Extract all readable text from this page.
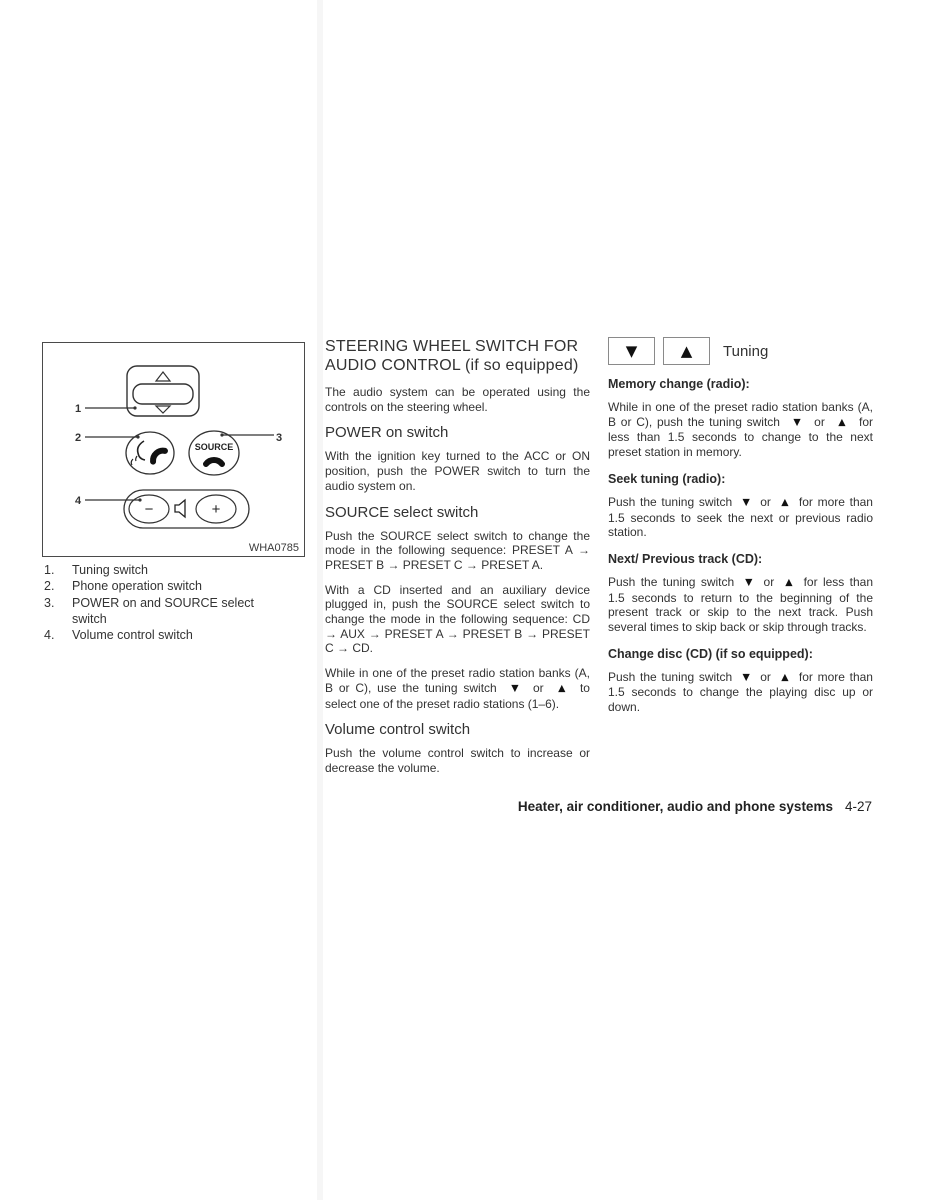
1
2	3
SOURCE
4	−	+
WHA0785
1.	Tuning switch
2.	Phone operation switch
3.	POWER on and SOURCE select switch
4.	Volume control switch
STEERING WHEEL SWITCH FOR AUDIO CONTROL (if so equipped)

The audio system can be operated using the controls on the steering wheel.

POWER on switch

With the ignition key turned to the ACC or ON position, push the POWER switch to turn the audio system on.

SOURCE select switch

Push the SOURCE select switch to change the mode in the following sequence: PRESET A → PRESET B → PRESET C → PRESET A.

With a CD inserted and an auxiliary device plugged in, push the SOURCE select switch to change the mode in the following sequence: CD → AUX → PRESET A → PRESET B → PRESET C → CD.

While in one of the preset radio station banks (A, B or C), use the tuning switch ▼ or ▲ to select one of the preset radio stations (1–6).

Volume control switch

Push the volume control switch to increase or decrease the volume.

▼	▲ Tuning
Memory change (radio):

While in one of the preset radio station banks (A, B or C), push the tuning switch ▼ or ▲ for less than 1.5 seconds to change to the next preset station in memory.

Seek tuning (radio):

Push the tuning switch ▼ or ▲ for more than 1.5 seconds to seek the next or previous radio station.

Next/ Previous track (CD):

Push the tuning switch ▼ or ▲ for less than 1.5 seconds to return to the beginning of the present track or skip to the next track. Push several times to skip back or skip through tracks.

Change disc (CD) (if so equipped):

Push the tuning switch ▼ or ▲ for more than 1.5 seconds to change the playing disc up or down.

Heater, air conditioner, audio and phone systems 4-27
